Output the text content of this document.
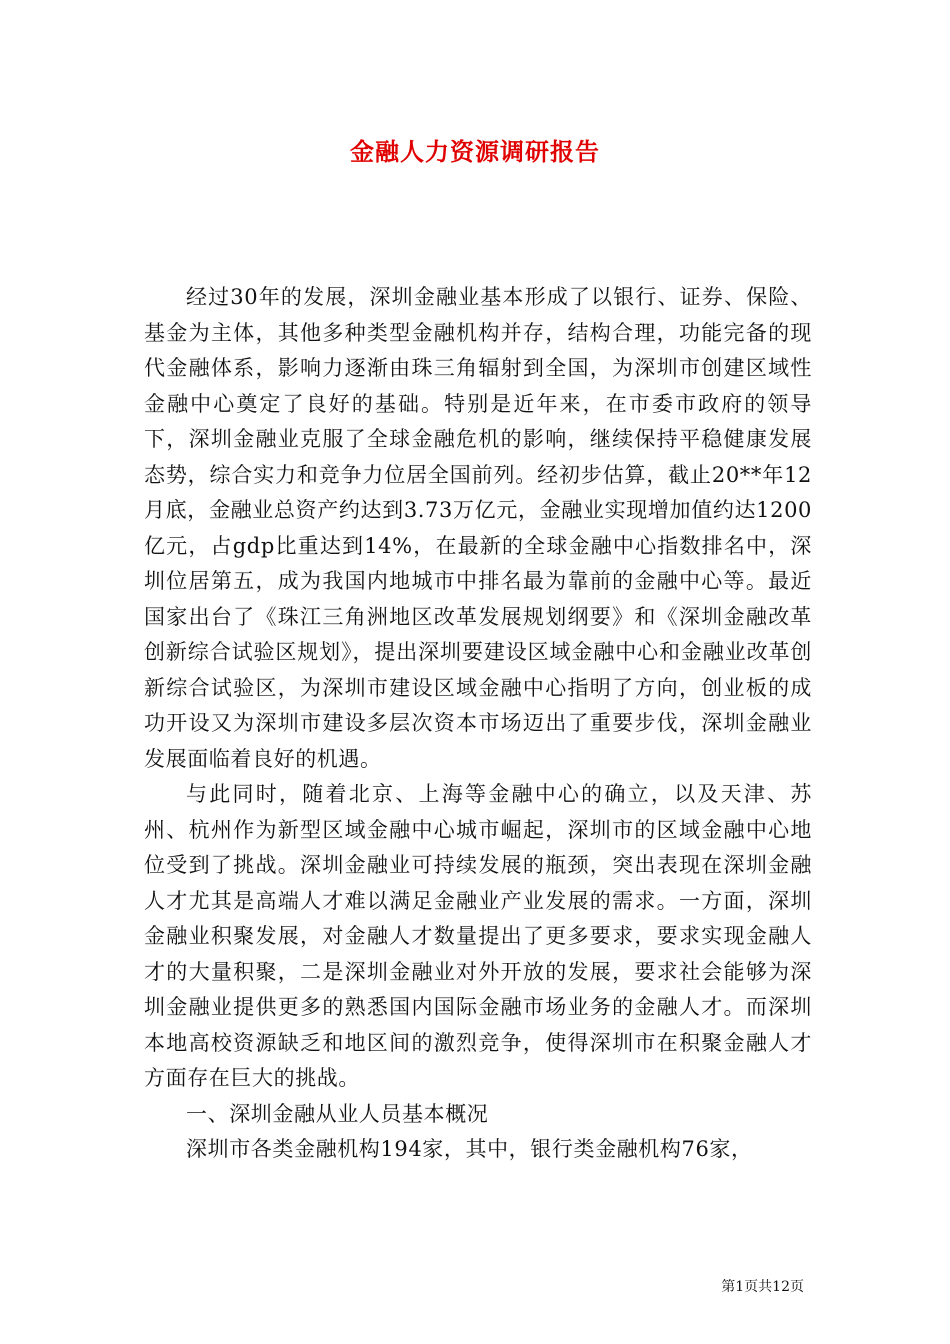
金融人力资源调研报告

经过30年的发展，深圳金融业基本形成了以银行、证券、保险、基金为主体，其他多种类型金融机构并存，结构合理，功能完备的现代金融体系，影响力逐渐由珠三角辐射到全国，为深圳市创建区域性金融中心奠定了良好的基础。特别是近年来，在市委市政府的领导下，深圳金融业克服了全球金融危机的影响，继续保持平稳健康发展态势，综合实力和竞争力位居全国前列。经初步估算，截止20**年12月底，金融业总资产约达到3.73万亿元，金融业实现增加值约达1200亿元，占gdp比重达到14%，在最新的全球金融中心指数排名中，深圳位居第五，成为我国内地城市中排名最为靠前的金融中心等。最近国家出台了《珠江三角洲地区改革发展规划纲要》和《深圳金融改革创新综合试验区规划》，提出深圳要建设区域金融中心和金融业改革创新综合试验区，为深圳市建设区域金融中心指明了方向，创业板的成功开设又为深圳市建设多层次资本市场迈出了重要步伐，深圳金融业发展面临着良好的机遇。

与此同时，随着北京、上海等金融中心的确立，以及天津、苏州、杭州作为新型区域金融中心城市崛起，深圳市的区域金融中心地位受到了挑战。深圳金融业可持续发展的瓶颈，突出表现在深圳金融人才尤其是高端人才难以满足金融业产业发展的需求。一方面，深圳金融业积聚发展，对金融人才数量提出了更多要求，要求实现金融人才的大量积聚，二是深圳金融业对外开放的发展，要求社会能够为深圳金融业提供更多的熟悉国内国际金融市场业务的金融人才。而深圳本地高校资源缺乏和地区间的激烈竞争，使得深圳市在积聚金融人才方面存在巨大的挑战。

一、深圳金融从业人员基本概况

深圳市各类金融机构194家，其中，银行类金融机构76家，

第1页共12页
